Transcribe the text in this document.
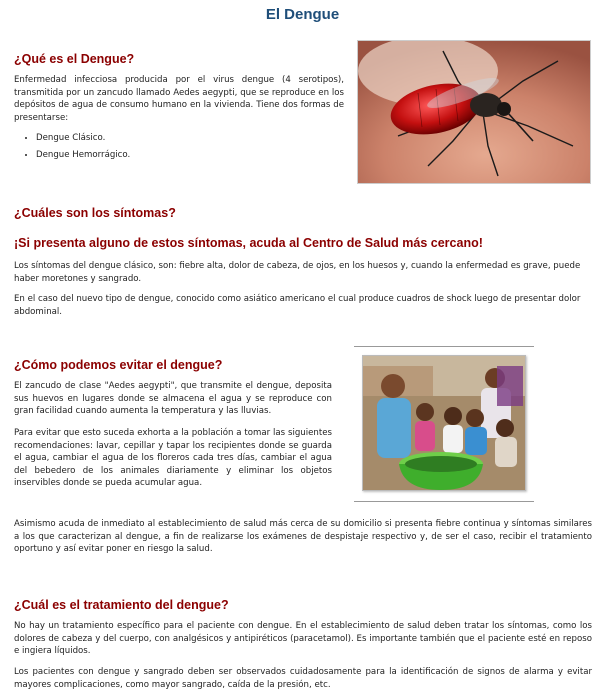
El Dengue
¿Qué es el Dengue?

Enfermedad infecciosa producida por el virus dengue (4 serotipos), transmitida por un zancudo llamado Aedes aegypti, que se reproduce en los depósitos de agua de consumo humano en la vivienda. Tiene dos formas de presentarse:

• Dengue Clásico.
• Dengue Hemorrágico.
¿Cuáles son los síntomas?
¡Si presenta alguno de estos síntomas, acuda al Centro de Salud más cercano!

Los síntomas del dengue clásico, son: fiebre alta, dolor de cabeza, de ojos, en los huesos y, cuando la enfermedad es grave, puede haber moretones y sangrado.

En el caso del nuevo tipo de dengue, conocido como asiático americano el cual produce cuadros de shock luego de presentar dolor abdominal.

¿Cómo podemos evitar el dengue?

El zancudo de clase "Aedes aegypti", que transmite el dengue, deposita sus huevos en lugares donde se almacena el agua y se reproduce con gran facilidad cuando aumenta la temperatura y las lluvias.

Para evitar que esto suceda exhorta a la población a tomar las siguientes recomendaciones: lavar, cepillar y tapar los recipientes donde se guarda el agua, cambiar el agua de los floreros cada tres días, cambiar el agua del bebedero de los animales diariamente y eliminar los objetos inservibles donde se pueda acumular agua.

Asimismo acuda de inmediato al establecimiento de salud más cerca de su domicilio si presenta fiebre continua y síntomas similares a los que caracterizan al dengue, a fin de realizarse los exámenes de despistaje respectivo y, de ser el caso, recibir el tratamiento oportuno y así evitar poner en riesgo la salud.

¿Cuál es el tratamiento del dengue?

No hay un tratamiento específico para el paciente con dengue. En el establecimiento de salud deben tratar los síntomas, como los dolores de cabeza y del cuerpo, con analgésicos y antipiréticos (paracetamol). Es importante también que el paciente esté en reposo e ingiera líquidos.

Los pacientes con dengue y sangrado deben ser observados cuidadosamente para la identificación de signos de alarma y evitar mayores complicaciones, como mayor sangrado, caída de la presión, etc.
